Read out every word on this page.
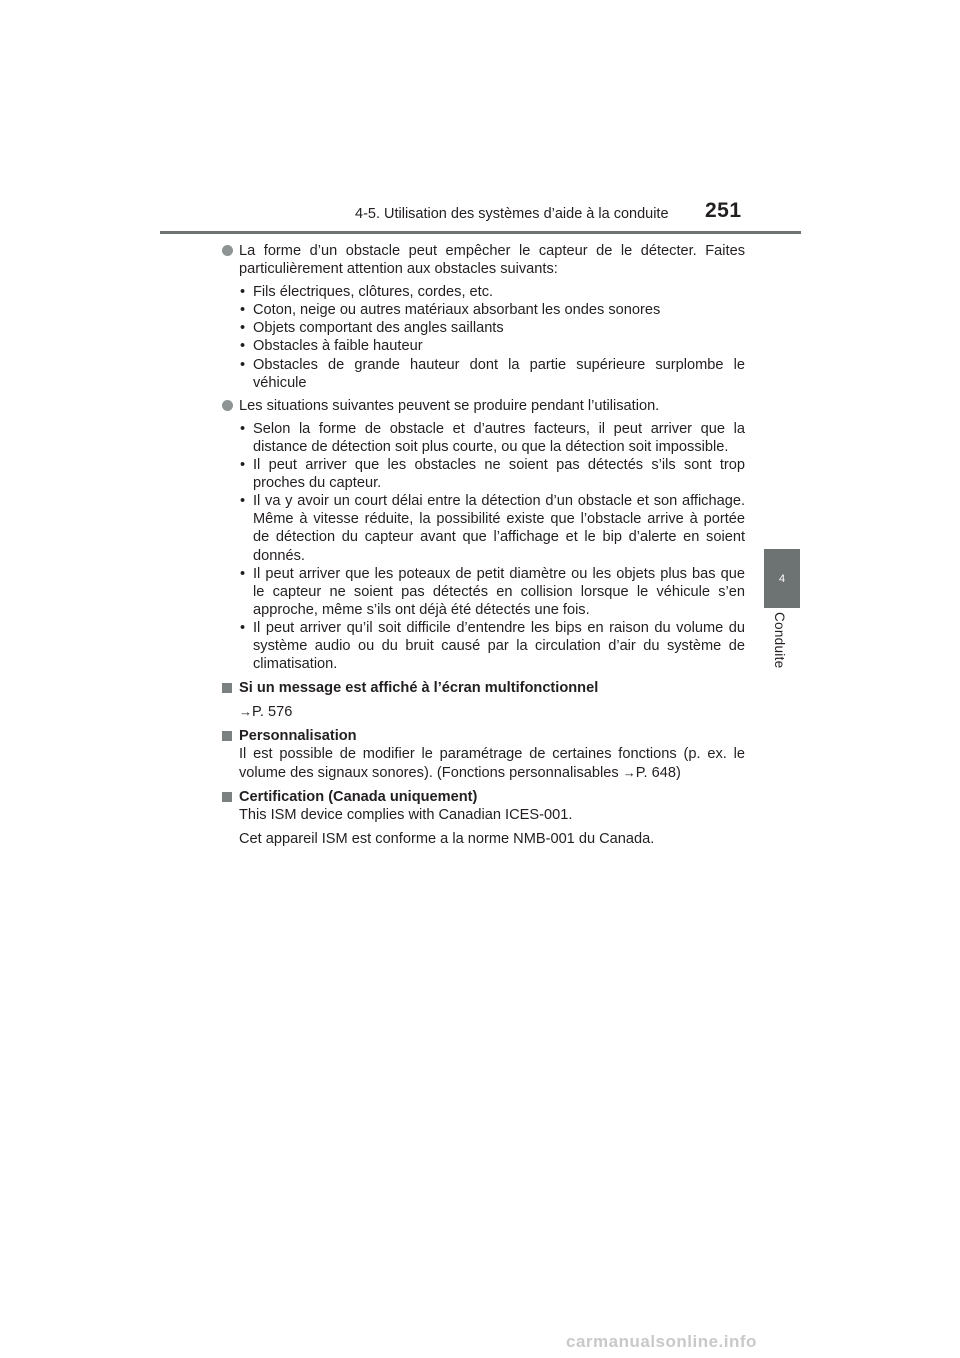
4-5. Utilisation des systèmes d’aide à la conduite 251
4
Conduite
La forme d’un obstacle peut empêcher le capteur de le détecter. Faites particulièrement attention aux obstacles suivants:
• Fils électriques, clôtures, cordes, etc.
• Coton, neige ou autres matériaux absorbant les ondes sonores
• Objets comportant des angles saillants
• Obstacles à faible hauteur
• Obstacles de grande hauteur dont la partie supérieure surplombe le véhicule
Les situations suivantes peuvent se produire pendant l’utilisation.
• Selon la forme de obstacle et d’autres facteurs, il peut arriver que la distance de détection soit plus courte, ou que la détection soit impossible.
• Il peut arriver que les obstacles ne soient pas détectés s’ils sont trop proches du capteur.
• Il va y avoir un court délai entre la détection d’un obstacle et son affichage. Même à vitesse réduite, la possibilité existe que l’obstacle arrive à portée de détection du capteur avant que l’affichage et le bip d’alerte en soient donnés.
• Il peut arriver que les poteaux de petit diamètre ou les objets plus bas que le capteur ne soient pas détectés en collision lorsque le véhicule s’en approche, même s’ils ont déjà été détectés une fois.
• Il peut arriver qu’il soit difficile d’entendre les bips en raison du volume du système audio ou du bruit causé par la circulation d’air du système de climatisation.
Si un message est affiché à l’écran multifonctionnel
→P. 576
Personnalisation
Il est possible de modifier le paramétrage de certaines fonctions (p. ex. le volume des signaux sonores). (Fonctions personnalisables →P. 648)
Certification (Canada uniquement)
This ISM device complies with Canadian ICES-001.
Cet appareil ISM est conforme a la norme NMB-001 du Canada.
carmanualsonline.info
